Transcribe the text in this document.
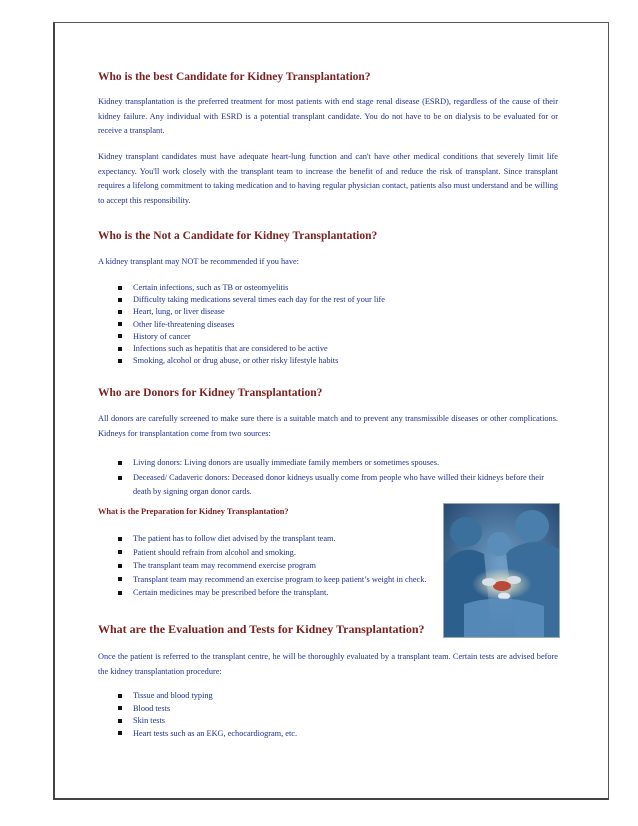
Who is the best Candidate for Kidney Transplantation?

Kidney transplantation is the preferred treatment for most patients with end stage renal disease (ESRD), regardless of the cause of their kidney failure. Any individual with ESRD is a potential transplant candidate. You do not have to be on dialysis to be evaluated for or receive a transplant.

Kidney transplant candidates must have adequate heart-lung function and can't have other medical conditions that severely limit life expectancy. You'll work closely with the transplant team to increase the benefit of and reduce the risk of transplant. Since transplant requires a lifelong commitment to taking medication and to having regular physician contact, patients also must understand and be willing to accept this responsibility.

Who is the Not a Candidate for Kidney Transplantation?

A kidney transplant may NOT be recommended if you have:

Certain infections, such as TB or osteomyelitis
Difficulty taking medications several times each day for the rest of your life
Heart, lung, or liver disease
Other life-threatening diseases
History of cancer
Infections such as hepatitis that are considered to be active
Smoking, alcohol or drug abuse, or other risky lifestyle habits
Who are Donors for Kidney Transplantation?

All donors are carefully screened to make sure there is a suitable match and to prevent any transmissible diseases or other complications. Kidneys for transplantation come from two sources:

Living donors: Living donors are usually immediate family members or sometimes spouses.
Deceased/ Cadaveric donors: Deceased donor kidneys usually come from people who have willed their kidneys before their death by signing organ donor cards.
What is the Preparation for Kidney Transplantation?
The patient has to follow diet advised by the transplant team.
Patient should refrain from alcohol and smoking.
The transplant team may recommend exercise program
Transplant team may recommend an exercise program to keep patient’s weight in check.
Certain medicines may be prescribed before the transplant.
What are the Evaluation and Tests for Kidney Transplantation?

Once the patient is referred to the transplant centre, he will be thoroughly evaluated by a transplant team. Certain tests are advised before the kidney transplantation procedure:

Tissue and blood typing
Blood tests
Skin tests
Heart tests such as an EKG, echocardiogram, etc.
